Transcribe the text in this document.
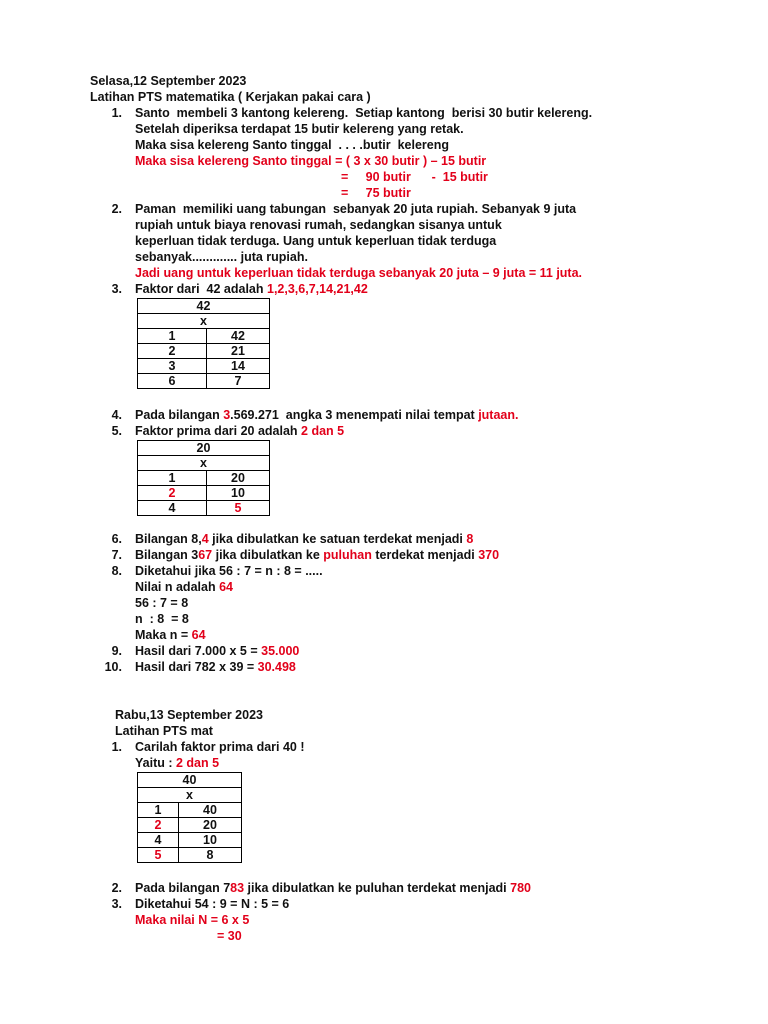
Selasa,12 September 2023
Latihan PTS matematika ( Kerjakan pakai cara )
1. Santo  membeli 3 kantong kelereng.  Setiap kantong  berisi 30 butir kelereng.
Setelah diperiksa terdapat 15 butir kelereng yang retak.
Maka sisa kelereng Santo tinggal  . . . .butir  kelereng
Maka sisa kelereng Santo tinggal = ( 3 x 30 butir ) – 15 butir
=     90 butir      -  15 butir
=     75 butir
2. Paman  memiliki uang tabungan  sebanyak 20 juta rupiah. Sebanyak 9 juta
rupiah untuk biaya renovasi rumah, sedangkan sisanya untuk
keperluan tidak terduga. Uang untuk keperluan tidak terduga
sebanyak............. juta rupiah.
Jadi uang untuk keperluan tidak terduga sebanyak 20 juta – 9 juta = 11 juta.
3. Faktor dari  42 adalah 1,2,3,6,7,14,21,42
42	
x	
1	42
2	21
3	14
6	7
4. Pada bilangan 3.569.271  angka 3 menempati nilai tempat jutaan.
5. Faktor prima dari 20 adalah 2 dan 5
20	
x	
1	20
2	10
4	5
6. Bilangan 8,4 jika dibulatkan ke satuan terdekat menjadi 8
7. Bilangan 367 jika dibulatkan ke puluhan terdekat menjadi 370
8. Diketahui jika 56 : 7 = n : 8 = .....
Nilai n adalah 64
56 : 7 = 8
n  : 8  = 8
Maka n = 64
9. Hasil dari 7.000 x 5 = 35.000
10. Hasil dari 782 x 39 = 30.498
Rabu,13 September 2023
Latihan PTS mat
1. Carilah faktor prima dari 40 !
Yaitu : 2 dan 5
40	
x	
1	40
2	20
4	10
5	8
2. Pada bilangan 783 jika dibulatkan ke puluhan terdekat menjadi 780
3. Diketahui 54 : 9 = N : 5 = 6
Maka nilai N = 6 x 5
= 30
